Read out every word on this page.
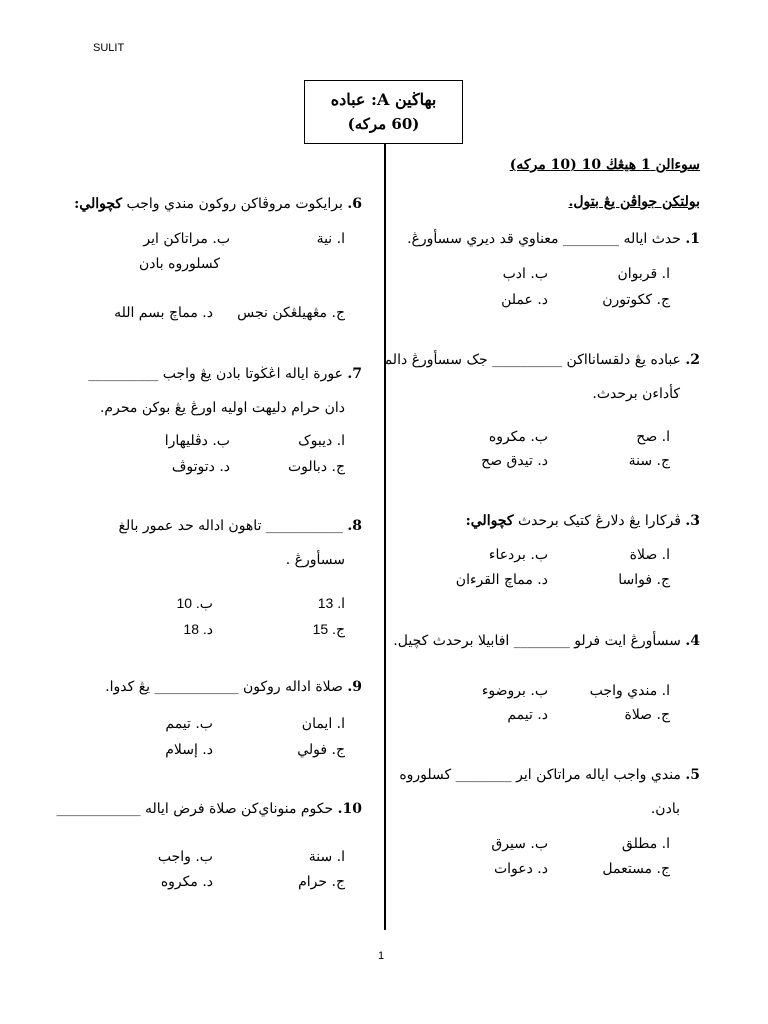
SULIT
بهاڬين A: عباده
(60 مركه)
سوءالن 1 هيڠڬ 10 (10 مركه)
بولتكن جواڤن يڠ بتول.
1. حدث اياله ________ معناوي قد ديري سسأورڠ.
ا. قربوان
ب. ادب
ج. ككوتورن
د. عملن
2. عباده يڠ دلقسانااكن __________ جک سسأورڠ دالم
كأداءن برحدث.
ا. صح
ب. مكروه
ج. سنة
د. تيدق صح
3. ڤركارا يڠ دلارڠ كتيک برحدث كچوالي:
ا. صلاة
ب. بردعاء
ج. فواسا
د. مماچ القرءان
4. سسأورڠ ايت فرلو ________ افابيلا برحدث كچيل.
ا. مندي واجب
ب. بروضوء
ج. صلاة
د. تيمم
5. مندي واجب اياله مراتاكن اير ________ كسلوروه
بادن.
ا. مطلق
ب. سيرق
ج. مستعمل
د. دعوات
6. برايكوت مروڤاكن روكون مندي واجب كچوالي:
ا. نية
ب. مراتاكن اير
كسلوروه بادن
ج. مڠهيلڠكن نجس
د. مماچ بسم الله
7. عورة اياله اڠڬوتا بادن يڠ واجب __________
دان حرام دليهت اوليه اورڠ يڠ بوکن محرم.
ا. ديبوک
ب. دڤليهارا
ج. دبالوت
د. دتوتوڤ
8. ___________ تاهون اداله حد عمور بالغ
سسأورڠ .
ا. 13
ب. 10
ج. 15
د. 18
9. صلاة اداله روكون ____________ يڠ كدوا.
ا. ايمان
ب. تيمم
ج. فولي
د. إسلام
10. حكوم منوناي‌كن صلاة فرض اياله ____________
ا. سنة
ب. واجب
ج. حرام
د. مكروه
1
